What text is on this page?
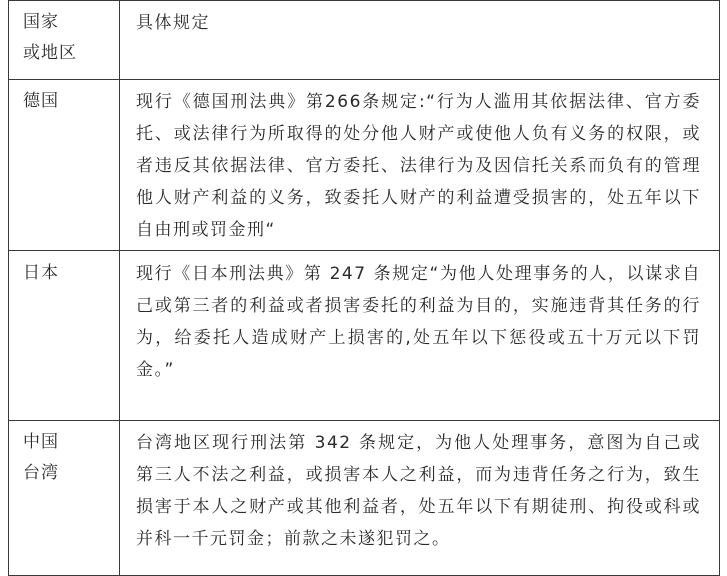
国家
或地区	具体规定

德国	现行《德国刑法典》第266条规定:“行为人滥用其依据法律、官方委托、或法律行为所取得的处分他人财产或使他人负有义务的权限，或者违反其依据法律、官方委托、法律行为及因信托关系而负有的管理他人财产利益的义务，致委托人财产的利益遭受损害的，处五年以下自由刑或罚金刑“

日本	现行《日本刑法典》第 247 条规定“为他人处理事务的人，以谋求自己或第三者的利益或者损害委托的利益为目的，实施违背其任务的行为，给委托人造成财产上损害的,处五年以下惩役或五十万元以下罚金。”

中国
台湾	台湾地区现行刑法第 342 条规定，为他人处理事务，意图为自己或第三人不法之利益，或损害本人之利益，而为违背任务之行为，致生损害于本人之财产或其他利益者，处五年以下有期徒刑、拘役或科或并科一千元罚金；前款之未遂犯罚之。
